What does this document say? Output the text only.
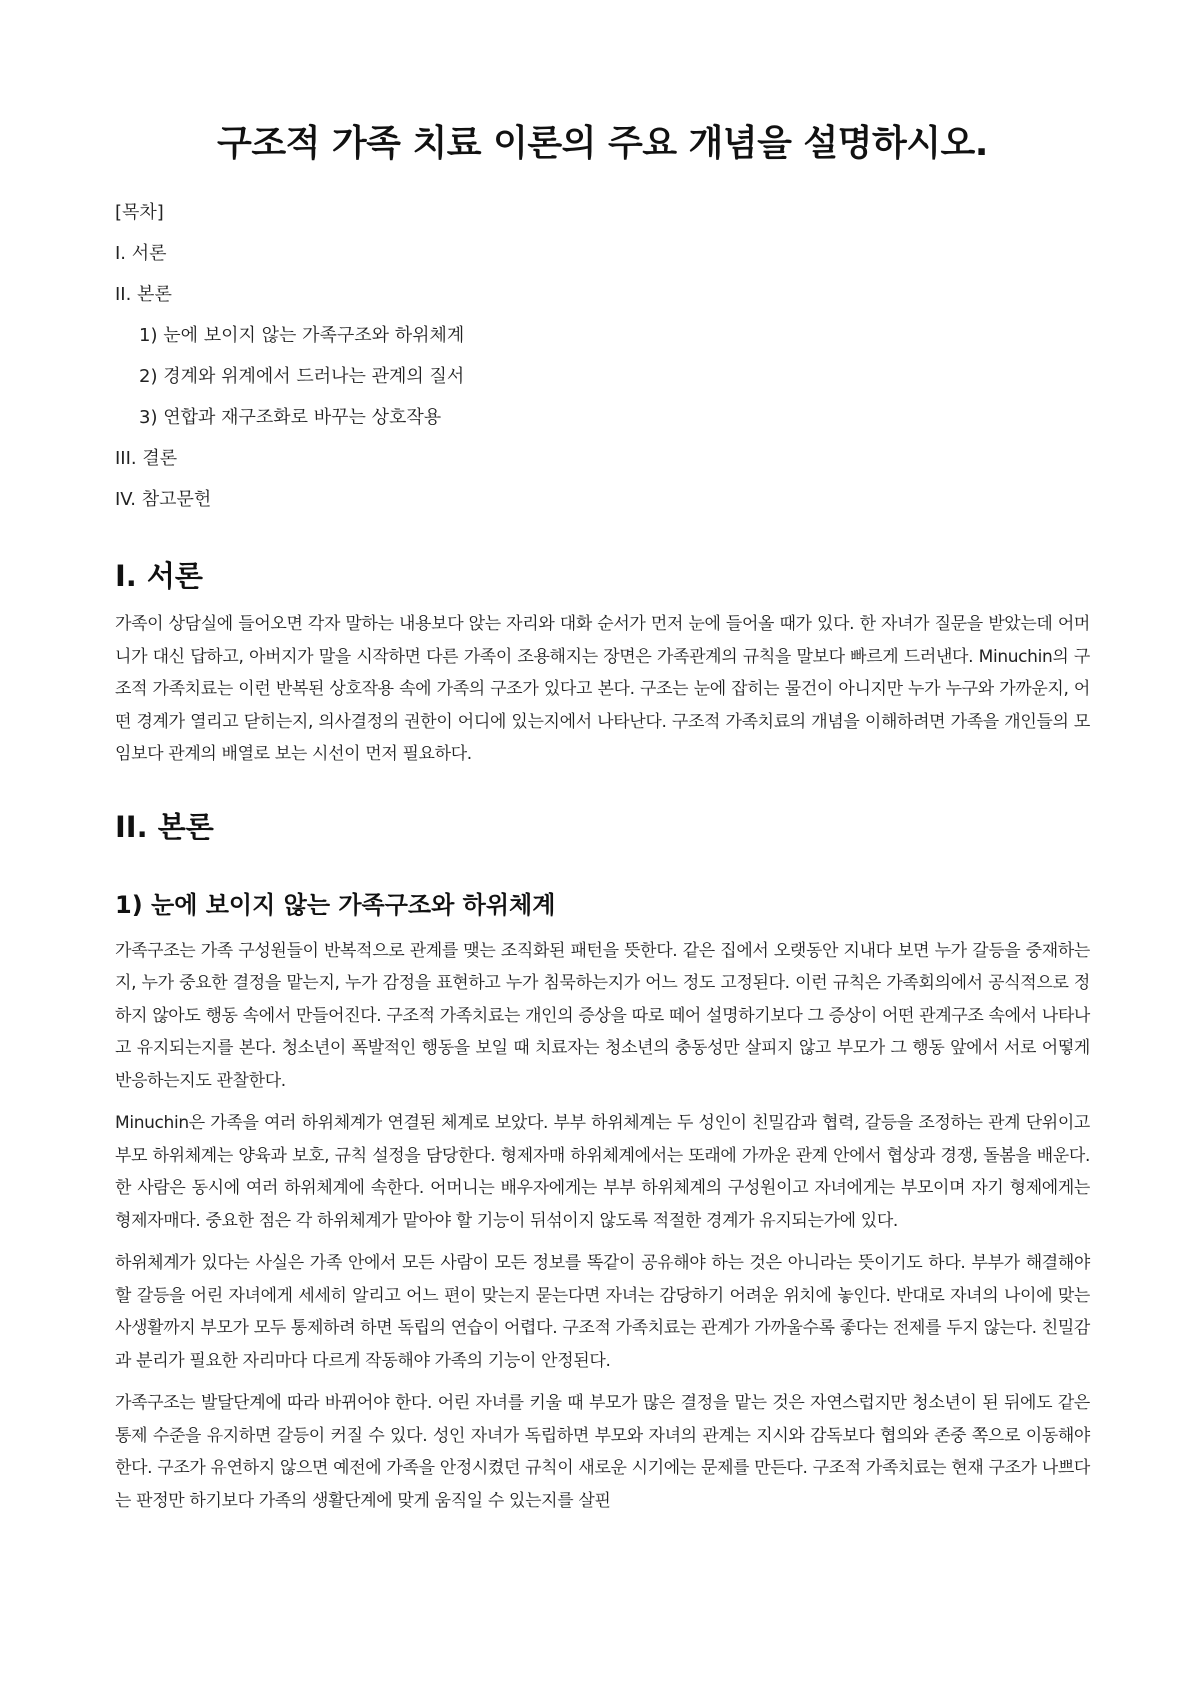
구조적 가족 치료 이론의 주요 개념을 설명하시오.
[목차]
I. 서론
II. 본론
1) 눈에 보이지 않는 가족구조와 하위체계
2) 경계와 위계에서 드러나는 관계의 질서
3) 연합과 재구조화로 바꾸는 상호작용
III. 결론
IV. 참고문헌
I. 서론

가족이 상담실에 들어오면 각자 말하는 내용보다 앉는 자리와 대화 순서가 먼저 눈에 들어올 때가 있다. 한 자녀가 질문을 받았는데 어머니가 대신 답하고, 아버지가 말을 시작하면 다른 가족이 조용해지는 장면은 가족관계의 규칙을 말보다 빠르게 드러낸다. Minuchin의 구조적 가족치료는 이런 반복된 상호작용 속에 가족의 구조가 있다고 본다. 구조는 눈에 잡히는 물건이 아니지만 누가 누구와 가까운지, 어떤 경계가 열리고 닫히는지, 의사결정의 권한이 어디에 있는지에서 나타난다. 구조적 가족치료의 개념을 이해하려면 가족을 개인들의 모임보다 관계의 배열로 보는 시선이 먼저 필요하다.

II. 본론
1) 눈에 보이지 않는 가족구조와 하위체계

가족구조는 가족 구성원들이 반복적으로 관계를 맺는 조직화된 패턴을 뜻한다. 같은 집에서 오랫동안 지내다 보면 누가 갈등을 중재하는지, 누가 중요한 결정을 맡는지, 누가 감정을 표현하고 누가 침묵하는지가 어느 정도 고정된다. 이런 규칙은 가족회의에서 공식적으로 정하지 않아도 행동 속에서 만들어진다. 구조적 가족치료는 개인의 증상을 따로 떼어 설명하기보다 그 증상이 어떤 관계구조 속에서 나타나고 유지되는지를 본다. 청소년이 폭발적인 행동을 보일 때 치료자는 청소년의 충동성만 살피지 않고 부모가 그 행동 앞에서 서로 어떻게 반응하는지도 관찰한다.

Minuchin은 가족을 여러 하위체계가 연결된 체계로 보았다. 부부 하위체계는 두 성인이 친밀감과 협력, 갈등을 조정하는 관계 단위이고 부모 하위체계는 양육과 보호, 규칙 설정을 담당한다. 형제자매 하위체계에서는 또래에 가까운 관계 안에서 협상과 경쟁, 돌봄을 배운다. 한 사람은 동시에 여러 하위체계에 속한다. 어머니는 배우자에게는 부부 하위체계의 구성원이고 자녀에게는 부모이며 자기 형제에게는 형제자매다. 중요한 점은 각 하위체계가 맡아야 할 기능이 뒤섞이지 않도록 적절한 경계가 유지되는가에 있다.

하위체계가 있다는 사실은 가족 안에서 모든 사람이 모든 정보를 똑같이 공유해야 하는 것은 아니라는 뜻이기도 하다. 부부가 해결해야 할 갈등을 어린 자녀에게 세세히 알리고 어느 편이 맞는지 묻는다면 자녀는 감당하기 어려운 위치에 놓인다. 반대로 자녀의 나이에 맞는 사생활까지 부모가 모두 통제하려 하면 독립의 연습이 어렵다. 구조적 가족치료는 관계가 가까울수록 좋다는 전제를 두지 않는다. 친밀감과 분리가 필요한 자리마다 다르게 작동해야 가족의 기능이 안정된다.

가족구조는 발달단계에 따라 바뀌어야 한다. 어린 자녀를 키울 때 부모가 많은 결정을 맡는 것은 자연스럽지만 청소년이 된 뒤에도 같은 통제 수준을 유지하면 갈등이 커질 수 있다. 성인 자녀가 독립하면 부모와 자녀의 관계는 지시와 감독보다 협의와 존중 쪽으로 이동해야 한다. 구조가 유연하지 않으면 예전에 가족을 안정시켰던 규칙이 새로운 시기에는 문제를 만든다. 구조적 가족치료는 현재 구조가 나쁘다는 판정만 하기보다 가족의 생활단계에 맞게 움직일 수 있는지를 살핀
